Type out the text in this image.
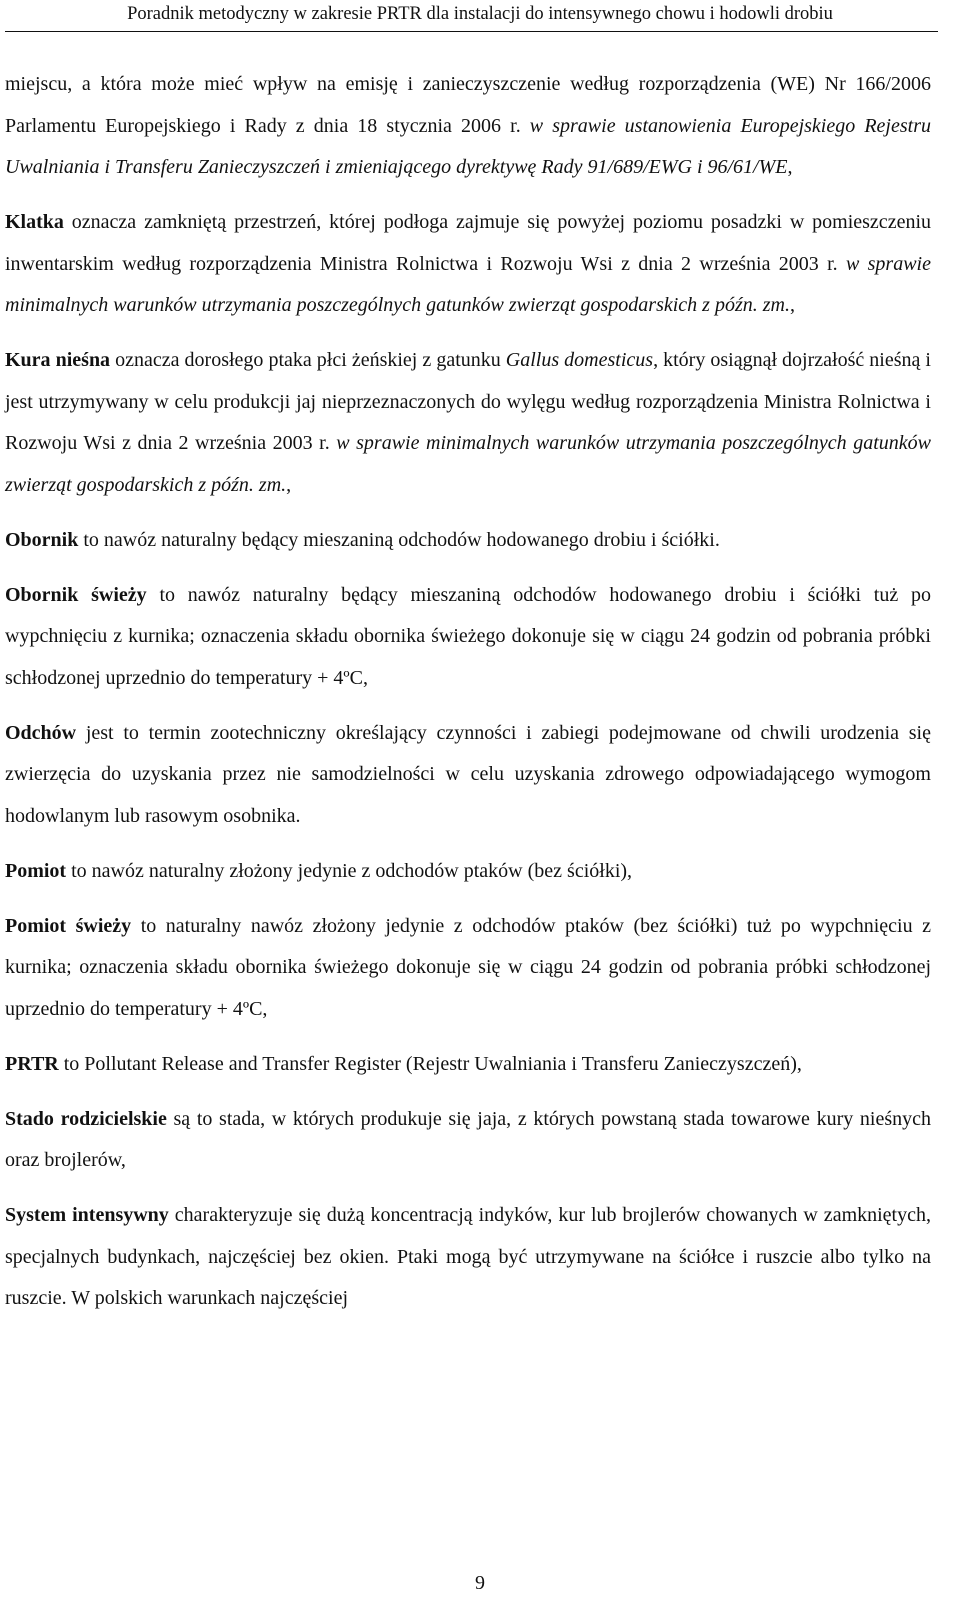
Poradnik metodyczny w zakresie PRTR dla instalacji do intensywnego chowu i hodowli drobiu

miejscu, a która może mieć wpływ na emisję i zanieczyszczenie według rozporządzenia (WE) Nr 166/2006 Parlamentu Europejskiego i Rady z dnia 18 stycznia 2006 r. w sprawie ustanowienia Europejskiego Rejestru Uwalniania i Transferu Zanieczyszczeń i zmieniającego dyrektywę Rady 91/689/EWG i 96/61/WE,

Klatka oznacza zamkniętą przestrzeń, której podłoga zajmuje się powyżej poziomu posadzki w pomieszczeniu inwentarskim według rozporządzenia Ministra Rolnictwa i Rozwoju Wsi z dnia 2 września 2003 r. w sprawie minimalnych warunków utrzymania poszczególnych gatunków zwierząt gospodarskich z późn. zm.,

Kura nieśna oznacza dorosłego ptaka płci żeńskiej z gatunku Gallus domesticus, który osiągnął dojrzałość nieśną i jest utrzymywany w celu produkcji jaj nieprzeznaczonych do wylęgu według rozporządzenia Ministra Rolnictwa i Rozwoju Wsi z dnia 2 września 2003 r. w sprawie minimalnych warunków utrzymania poszczególnych gatunków zwierząt gospodarskich z późn. zm.,

Obornik to nawóz naturalny będący mieszaniną odchodów hodowanego drobiu i ściółki.

Obornik świeży to nawóz naturalny będący mieszaniną odchodów hodowanego drobiu i ściółki tuż po wypchnięciu z kurnika; oznaczenia składu obornika świeżego dokonuje się w ciągu 24 godzin od pobrania próbki schłodzonej uprzednio do temperatury + 4ºC,

Odchów jest to termin zootechniczny określający czynności i zabiegi podejmowane od chwili urodzenia się zwierzęcia do uzyskania przez nie samodzielności w celu uzyskania zdrowego odpowiadającego wymogom hodowlanym lub rasowym osobnika.

Pomiot to nawóz naturalny złożony jedynie z odchodów ptaków (bez ściółki),

Pomiot świeży to naturalny nawóz złożony jedynie z odchodów ptaków (bez ściółki) tuż po wypchnięciu z kurnika; oznaczenia składu obornika świeżego dokonuje się w ciągu 24 godzin od pobrania próbki schłodzonej uprzednio do temperatury + 4ºC,

PRTR to Pollutant Release and Transfer Register (Rejestr Uwalniania i Transferu Zanieczyszczeń),

Stado rodzicielskie są to stada, w których produkuje się jaja, z których powstaną stada towarowe kury nieśnych oraz brojlerów,

System intensywny charakteryzuje się dużą koncentracją indyków, kur lub brojlerów chowanych w zamkniętych, specjalnych budynkach, najczęściej bez okien. Ptaki mogą być utrzymywane na ściółce i ruszcie albo tylko na ruszcie. W polskich warunkach najczęściej

9
